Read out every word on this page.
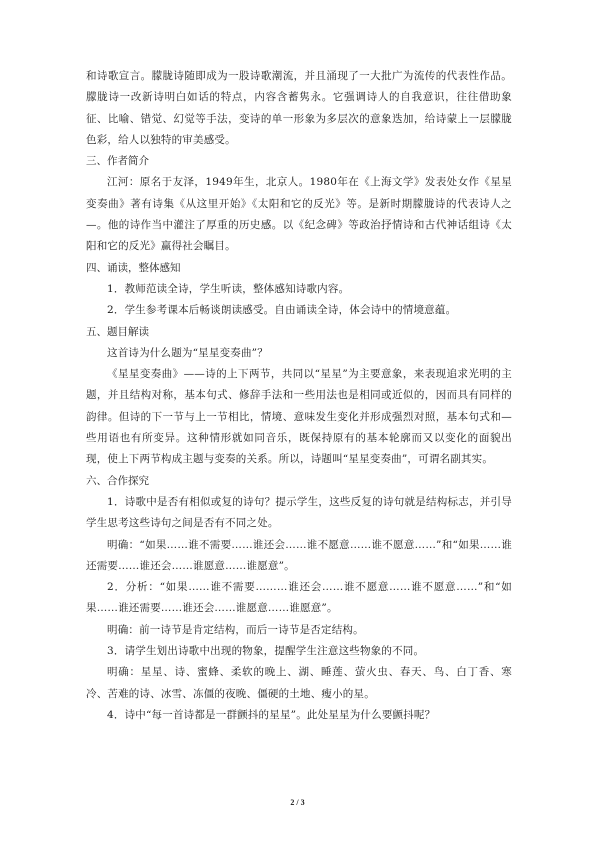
和诗歌宣言。朦胧诗随即成为一股诗歌潮流，并且涌现了一大批广为流传的代表性作品。朦胧诗一改新诗明白如话的特点，内容含蓄隽永。它强调诗人的自我意识，往往借助象征、比喻、错觉、幻觉等手法，变诗的单一形象为多层次的意象迭加，给诗蒙上一层朦胧色彩，给人以独特的审美感受。

三、作者简介

江河：原名于友泽，1949年生，北京人。1980年在《上海文学》发表处女作《星星变奏曲》著有诗集《从这里开始》《太阳和它的反光》等。是新时期朦胧诗的代表诗人之—。他的诗作当中灌注了厚重的历史感。以《纪念碑》等政治抒情诗和古代神话组诗《太阳和它的反光》赢得社会瞩目。

四、诵读，整体感知

1．教师范读全诗，学生听读，整体感知诗歌内容。

2．学生参考课本后畅谈朗读感受。自由诵读全诗，体会诗中的情境意蕴。

五、题目解读

这首诗为什么题为“星星变奏曲”？

《星星变奏曲》——诗的上下两节，共同以“星星”为主要意象，来表现追求光明的主题，并且结构对称，基本句式、修辞手法和一些用法也是相同或近似的，因而具有同样的韵律。但诗的下一节与上一节相比，情境、意味发生变化并形成强烈对照，基本句式和—些用语也有所变异。这种情形就如同音乐，既保持原有的基本轮廓而又以变化的面貌出现，使上下两节构成主题与变奏的关系。所以，诗题叫“星星变奏曲”，可谓名副其实。

六、合作探究

1．诗歌中是否有相似或复的诗句？提示学生，这些反复的诗句就是结构标志，并引导学生思考这些诗句之间是否有不同之处。

明确：“如果……谁不需要……谁还会……谁不愿意……谁不愿意……”和“如果……谁还需要……谁还会……谁愿意……谁愿意”。

2．分析：“如果……谁不需要………谁还会……谁不愿意……谁不愿意……”和“如果……谁还需要……谁还会……谁愿意……谁愿意”。

明确：前一诗节是肯定结构，而后一诗节是否定结构。

3．请学生划出诗歌中出现的物象，提醒学生注意这些物象的不同。

明确：星星、诗、蜜蜂、柔软的晚上、湖、睡莲、萤火虫、春天、鸟、白丁香、寒冷、苦难的诗、冰雪、冻僵的夜晚、僵硬的土地、瘦小的星。

4．诗中“每一首诗都是一群颤抖的星星”。此处星星为什么要颤抖呢？

2 / 3
